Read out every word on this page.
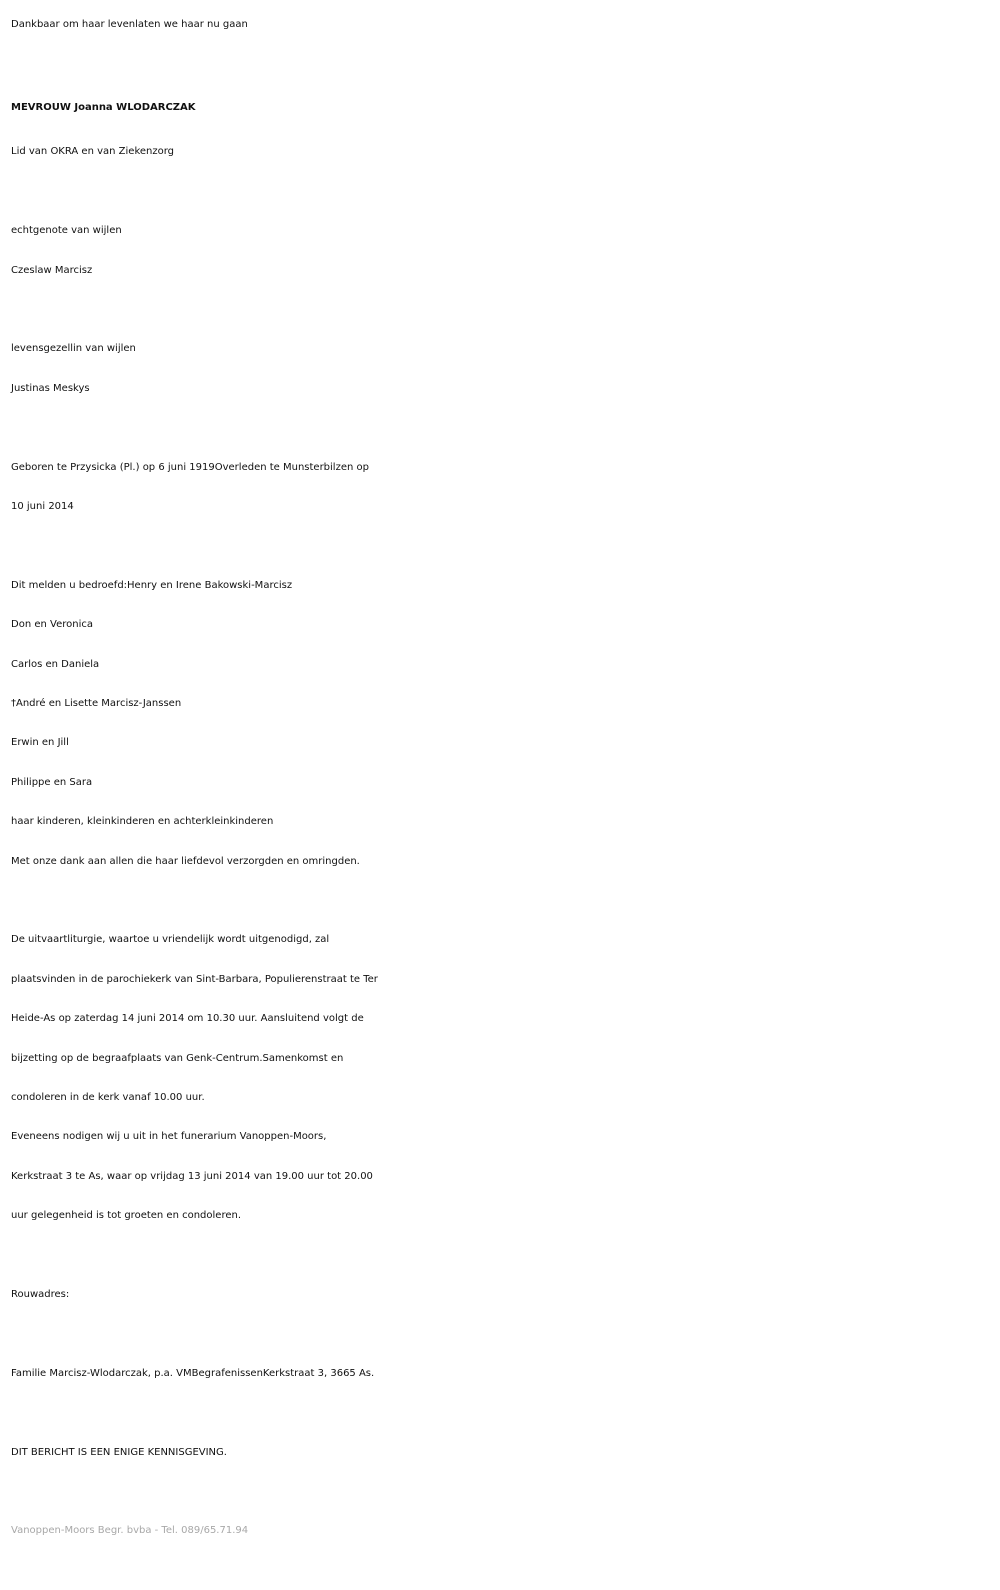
Dankbaar om haar levenlaten we haar nu gaan

MEVROUW Joanna WLODARCZAK

Lid van OKRA en van Ziekenzorg

echtgenote van wijlen

Czeslaw Marcisz

levensgezellin van wijlen

Justinas Meskys

Geboren te Przysicka (Pl.) op 6 juni 1919Overleden te Munsterbilzen op

10 juni 2014

Dit melden u bedroefd:Henry en Irene Bakowski-Marcisz

Don en Veronica

Carlos en Daniela

†André en Lisette Marcisz-Janssen

Erwin en Jill

Philippe en Sara

haar kinderen, kleinkinderen en achterkleinkinderen

Met onze dank aan allen die haar liefdevol verzorgden en omringden.

De uitvaartliturgie, waartoe u vriendelijk wordt uitgenodigd, zal

plaatsvinden in de parochiekerk van Sint-Barbara, Populierenstraat te Ter

Heide-As op zaterdag 14 juni 2014 om 10.30 uur. Aansluitend volgt de

bijzetting op de begraafplaats van Genk-Centrum.Samenkomst en

condoleren in de kerk vanaf 10.00 uur.

Eveneens nodigen wij u uit in het funerarium Vanoppen-Moors,

Kerkstraat 3 te As, waar op vrijdag 13 juni 2014 van 19.00 uur tot 20.00

uur gelegenheid is tot groeten en condoleren.

Rouwadres:

Familie Marcisz-Wlodarczak, p.a. VMBegrafenissenKerkstraat 3, 3665 As.

DIT BERICHT IS EEN ENIGE KENNISGEVING.

Vanoppen-Moors Begr. bvba - Tel. 089/65.71.94
